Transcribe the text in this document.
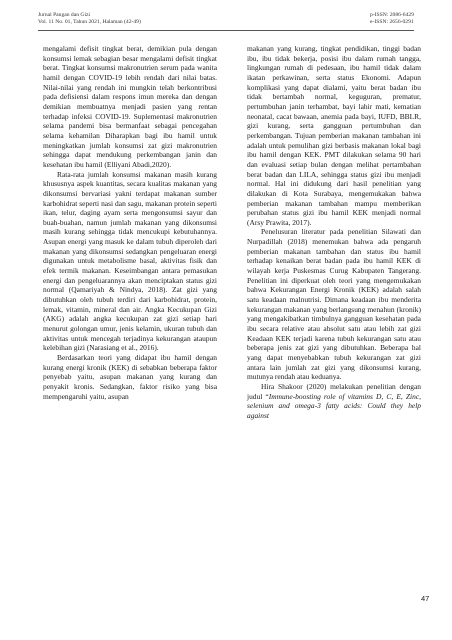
Jurnal Pangan dan Gizi
Vol. 11 No. 01, Tahun 2021, Halaman (42-49)
p-ISSN: 2086-6429
e-ISSN: 2656-0291

mengalami defisit tingkat berat, demikian pula dengan konsumsi lemak sebagian besar mengalami defisit tingkat berat. Tingkat konsumsi makronutrien serum pada wanita hamil dengan COVID-19 lebih rendah dari nilai batas. Nilai-nilai yang rendah ini mungkin telah berkontribusi pada defisiensi dalam respons imun mereka dan dengan demikian membuatnya menjadi pasien yang rentan terhadap infeksi COVID-19. Suplementasi makronutrien selama pandemi bisa bermanfaat sebagai pencegahan selama kehamilan Diharapkan bagi ibu hamil untuk meningkatkan jumlah konsumsi zat gizi makronutrien sehingga dapat mendukung perkembangan janin dan kesehatan ibu hamil (Elliyani Abadi,2020).

Rata-rata jumlah konsumsi makanan masih kurang khususnya aspek kuantitas, secara kualitas makanan yang dikonsumsi bervariasi yakni terdapat makanan sumber karbohidrat seperti nasi dan sagu, makanan protein seperti ikan, telur, daging ayam serta mengonsumsi sayur dan buah-buahan, namun jumlah makanan yang dikonsumsi masih kurang sehingga tidak mencukupi kebutuhannya. Asupan energi yang masuk ke dalam tubuh diperoleh dari makanan yang dikonsumsi sedangkan pengeluaran energi digunakan untuk metabolisme basal, aktivitas fisik dan efek termik makanan. Keseimbangan antara pemasukan energi dan pengeluarannya akan menciptakan status gizi normal (Qamariyah & Nindya, 2018). Zat gizi yang dibutuhkan oleh tubuh terdiri dari karbohidrat, protein, lemak, vitamin, mineral dan air. Angka Kecukupan Gizi (AKG) adalah angka kecukupan zat gizi setiap hari menurut golongan umur, jenis kelamin, ukuran tubuh dan aktivitas untuk mencegah terjadinya kekurangan ataupun kelebihan gizi (Narasiang et al., 2016).

Berdasarkan teori yang didapat ibu hamil dengan kurang energi kronik (KEK) di sebabkan beberapa faktor penyebab yaitu, asupan makanan yang kurang dan penyakit kronis. Sedangkan, faktor risiko yang bisa mempengaruhi yaitu, asupan

makanan yang kurang, tingkat pendidikan, tinggi badan ibu, ibu tidak bekerja, posisi ibu dalam rumah tangga, lingkungan rumah di pedesaan, ibu hamil tidak dalam ikatan perkawinan, serta status Ekonomi. Adapun komplikasi yang dapat dialami, yaitu berat badan ibu tidak bertambah normal, keguguran, prematur, pertumbuhan janin terhambat, bayi lahir mati, kematian neonatal, cacat bawaan, anemia pada bayi, IUFD, BBLR, gizi kurang, serta gangguan pertumbuhan dan perkembangan. Tujuan pemberian makanan tambahan ini adalah untuk pemulihan gizi berbasis makanan lokal bagi ibu hamil dengan KEK. PMT dilakukan selama 90 hari dan evaluasi setiap bulan dengan melihat pertambahan berat badan dan LILA, sehingga status gizi ibu menjadi normal. Hal ini didukung dari hasil penelitian yang dilakukan di Kota Surabaya, mengemukakan bahwa pemberian makanan tambahan mampu memberikan perubahan status gizi ibu hamil KEK menjadi normal (Arsy Prawita, 2017).

Penelusuran literatur pada penelitian Silawati dan Nurpadillah (2018) menemukan bahwa ada pengaruh pemberian makanan tambahan dan status ibu hamil terhadap kenaikan berat badan pada ibu hamil KEK di wilayah kerja Puskesmas Curug Kabupaten Tangerang. Penelitian ini diperkuat oleh teori yang mengemukakan bahwa Kekurangan Energi Kronik (KEK) adalah salah satu keadaan malnutrisi. Dimana keadaan ibu menderita kekurangan makanan yang berlangsung menahun (kronik) yang mengakibatkan timbulnya gangguan kesehatan pada ibu secara relative atau absolut satu atau lebih zat gizi Keadaan KEK terjadi karena tubuh kekurangan satu atau beberapa jenis zat gizi yang dibutuhkan. Beberapa hal yang dapat menyebabkan tubuh kekurangan zat gizi antara lain jumlah zat gizi yang dikonsumsi kurang, mutunya rendah atau keduanya.

Hira Shakoor (2020) melakukan penelitian dengan judul “Immune-boosting role of vitamins D, C, E, Zinc, selenium and omega-3 fatty acids: Could they help against

47
